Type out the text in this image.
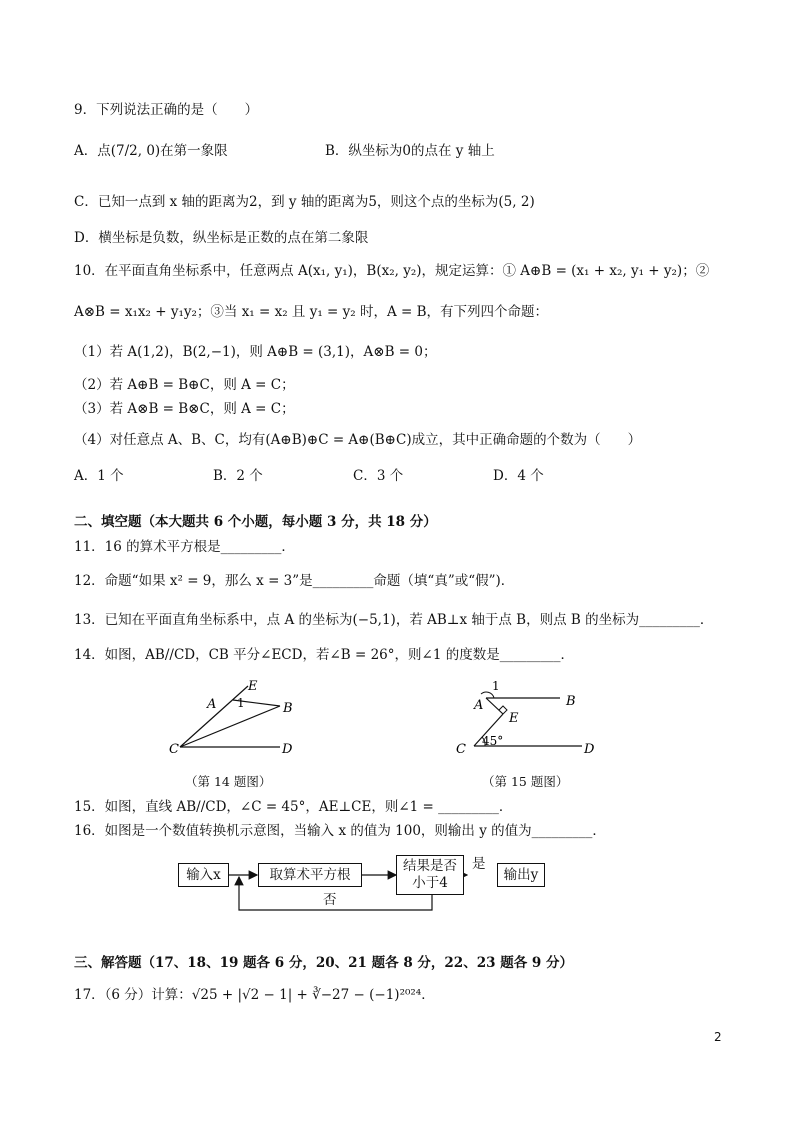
9．下列说法正确的是（　　）
A．点(7/2, 0)在第一象限	B．纵坐标为0的点在 y 轴上
C．已知一点到 x 轴的距离为2，到 y 轴的距离为5，则这个点的坐标为(5, 2)
D．横坐标是负数，纵坐标是正数的点在第二象限
10．在平面直角坐标系中，任意两点 A(x₁, y₁)，B(x₂, y₂)，规定运算：① A⊕B = (x₁ + x₂, y₁ + y₂)；②
A⊗B = x₁x₂ + y₁y₂；③当 x₁ = x₂ 且 y₁ = y₂ 时，A = B，有下列四个命题：
（1）若 A(1,2)，B(2,−1)，则 A⊕B = (3,1)，A⊗B = 0；
（2）若 A⊕B = B⊕C，则 A = C；
（3）若 A⊗B = B⊗C，则 A = C；
（4）对任意点 A、B、C，均有(A⊕B)⊕C = A⊕(B⊕C)成立，其中正确命题的个数为（　　）
A．1 个	B．2 个	C．3 个	D．4 个
二、填空题（本大题共 6 个小题，每小题 3 分，共 18 分）
11．16 的算术平方根是_________．
12．命题“如果 x² = 9，那么 x = 3”是_________命题（填“真”或“假”)．
13．已知在平面直角坐标系中，点 A 的坐标为(−5,1)，若 AB⊥x 轴于点 B，则点 B 的坐标为_________．
14．如图，AB//CD，CB 平分∠ECD，若∠B = 26°，则∠1 的度数是_________．
E
A 1	B
C	D
（第 14 题图）
1
A	B
E
45°
C	D
（第 15 题图）
15．如图，直线 AB//CD，∠C = 45°，AE⊥CE，则∠1 = _________．
16．如图是一个数值转换机示意图，当输入 x 的值为 100，则输出 y 的值为_________．
输入x	取算术平方根
结果是否
小于4
是
输出y
否
三、解答题（17、18、19 题各 6 分，20、21 题各 8 分，22、23 题各 9 分）
17．（6 分）计算：√25 + |√2 − 1| + ∛−27 − (−1)²⁰²⁴．
2
